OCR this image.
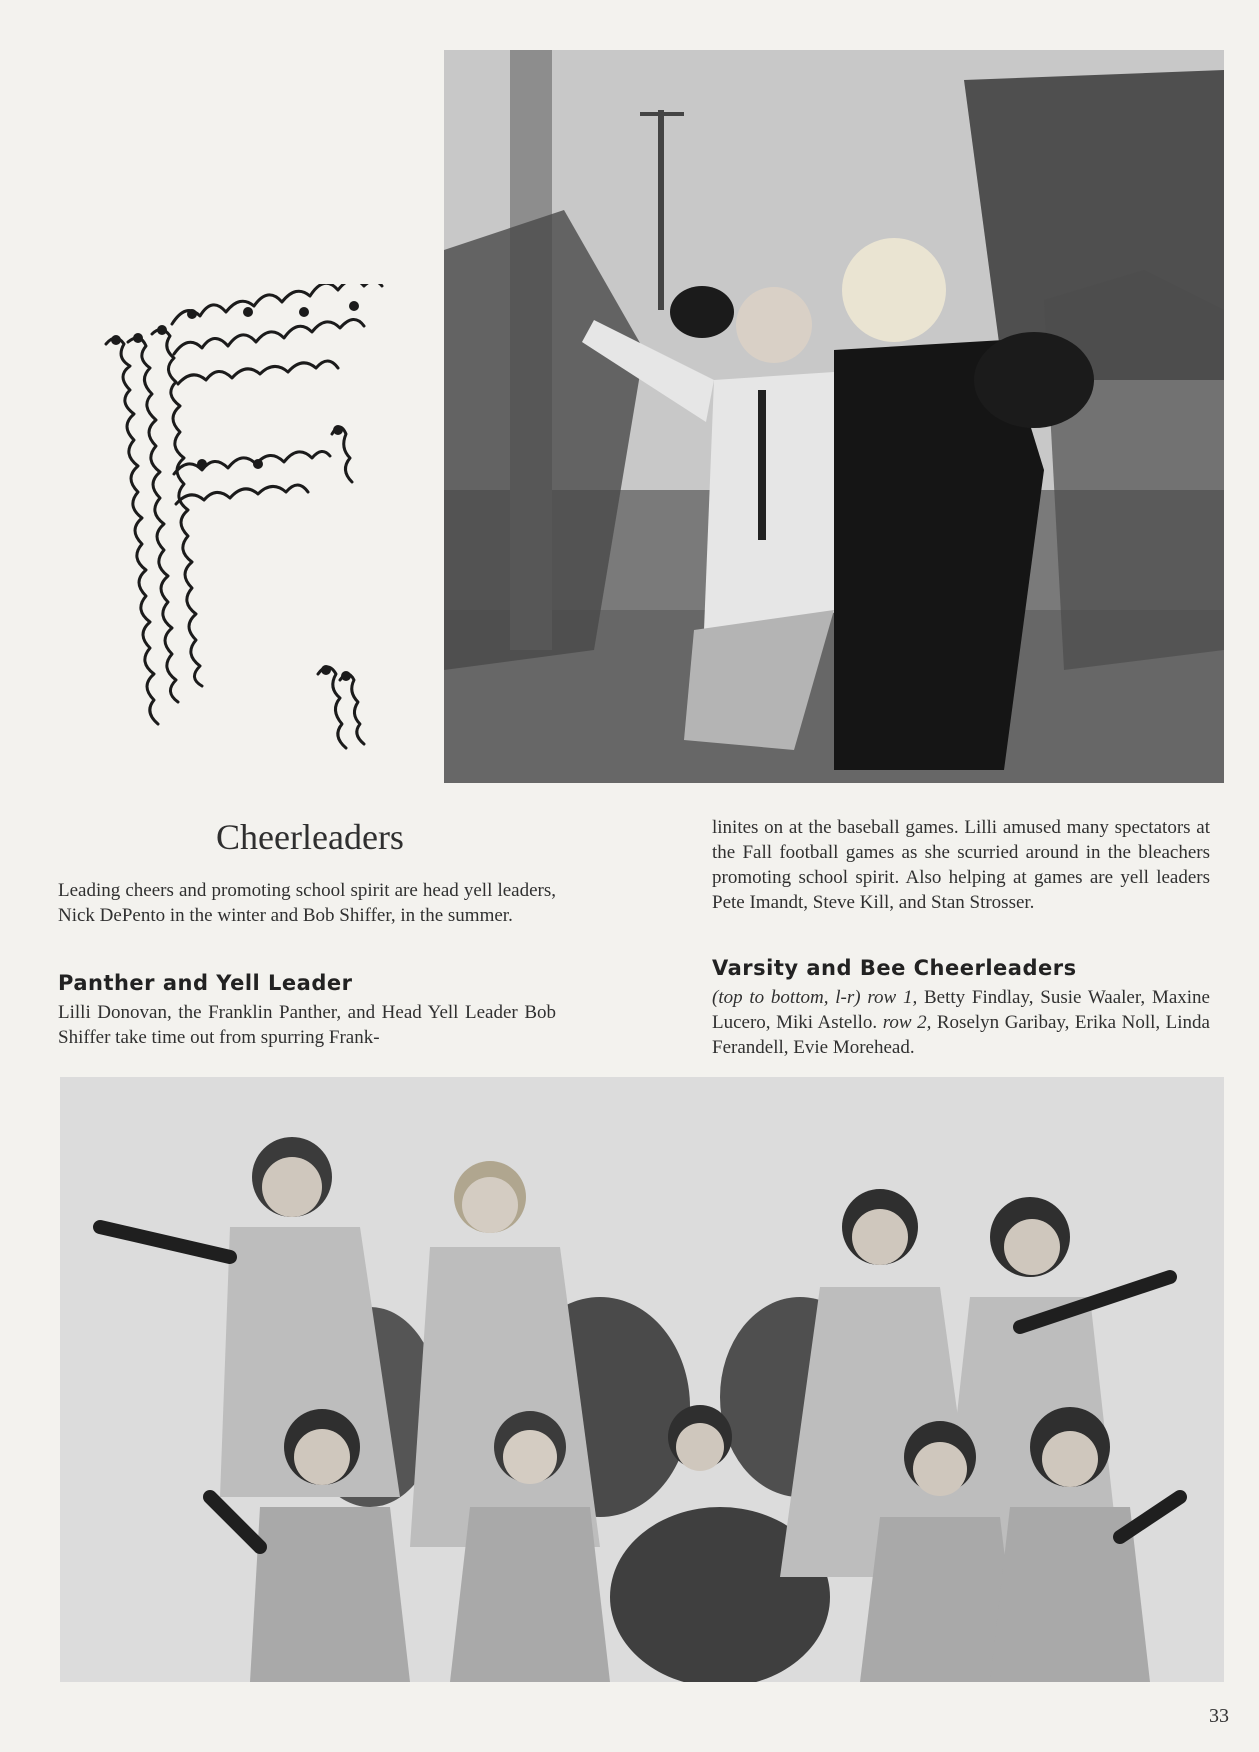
Cheerleaders
Leading cheers and promoting school spirit are head yell leaders, Nick DePento in the winter and Bob Shiffer, in the summer.
Panther and Yell Leader
Lilli Donovan, the Franklin Panther, and Head Yell Leader Bob Shiffer take time out from spurring Frank-
linites on at the baseball games. Lilli amused many spectators at the Fall football games as she scurried around in the bleachers promoting school spirit. Also helping at games are yell leaders Pete Imandt, Steve Kill, and Stan Strosser.
Varsity and Bee Cheerleaders
(top to bottom, l-r) row 1, Betty Findlay, Susie Waaler, Maxine Lucero, Miki Astello. row 2, Roselyn Garibay, Erika Noll, Linda Ferandell, Evie Morehead.
33
